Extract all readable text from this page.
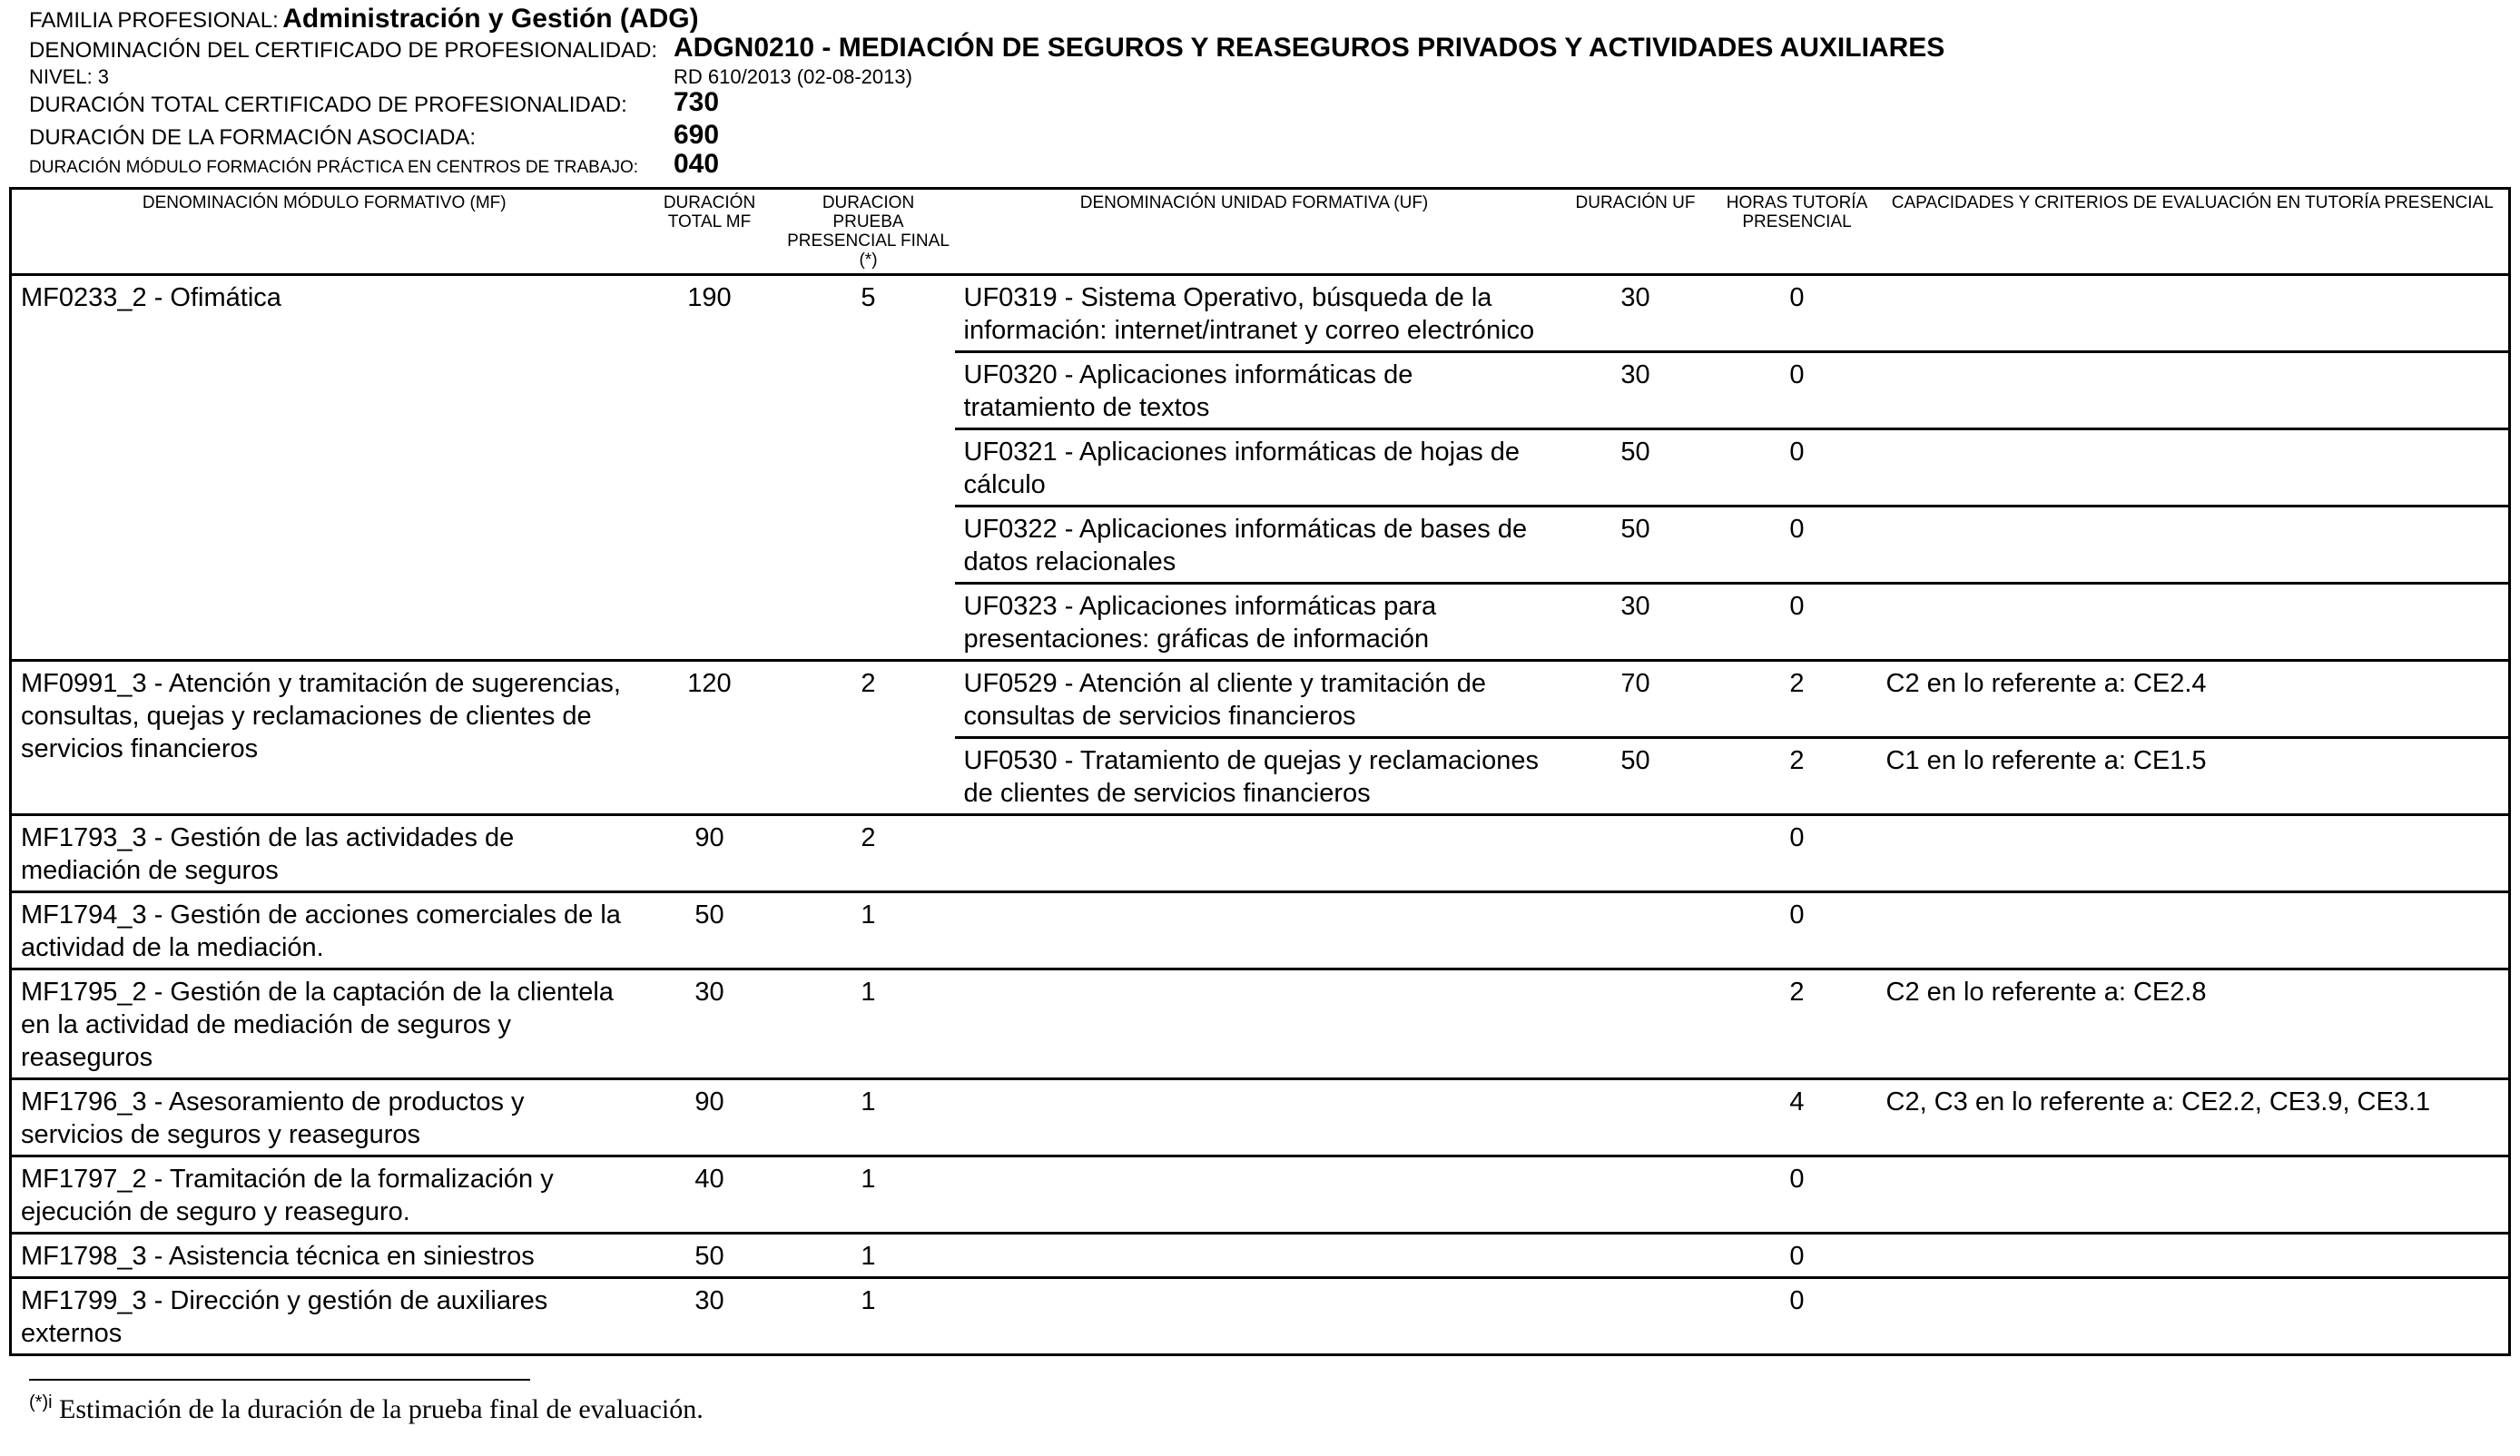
FAMILIA PROFESIONAL: Administración y Gestión (ADG)
DENOMINACIÓN DEL CERTIFICADO DE PROFESIONALIDAD: ADGN0210 - MEDIACIÓN DE SEGUROS Y REASEGUROS PRIVADOS Y ACTIVIDADES AUXILIARES
NIVEL: 3	RD 610/2013 (02-08-2013)
DURACIÓN TOTAL CERTIFICADO DE PROFESIONALIDAD: 730
DURACIÓN DE LA FORMACIÓN ASOCIADA:	690
DURACIÓN MÓDULO FORMACIÓN PRÁCTICA EN CENTROS DE TRABAJO: 040
DENOMINACIÓN MÓDULO FORMATIVO (MF)	DURACIÓN TOTAL MF	DURACION PRUEBA PRESENCIAL FINAL (*)	DENOMINACIÓN UNIDAD FORMATIVA (UF)	DURACIÓN UF	HORAS TUTORÍA PRESENCIAL	CAPACIDADES Y CRITERIOS DE EVALUACIÓN EN TUTORÍA PRESENCIAL
MF0233_2 - Ofimática	190	5	UF0319 - Sistema Operativo, búsqueda de la información: internet/intranet y correo electrónico	30	0	
			UF0320 - Aplicaciones informáticas de tratamiento de textos	30	0	
			UF0321 - Aplicaciones informáticas de hojas de cálculo	50	0	
			UF0322 - Aplicaciones informáticas de bases de datos relacionales	50	0	
			UF0323 - Aplicaciones informáticas para presentaciones: gráficas de información	30	0	
MF0991_3 - Atención y tramitación de sugerencias, consultas, quejas y reclamaciones de clientes de servicios financieros	120	2	UF0529 - Atención al cliente y tramitación de consultas de servicios financieros	70	2	C2 en lo referente a: CE2.4
			UF0530 - Tratamiento de quejas y reclamaciones de clientes de servicios financieros	50	2	C1 en lo referente a: CE1.5
MF1793_3 - Gestión de las actividades de mediación de seguros	90	2			0	
MF1794_3 - Gestión de acciones comerciales de la actividad de la mediación.	50	1			0	
MF1795_2 - Gestión de la captación de la clientela en la actividad de mediación de seguros y reaseguros	30	1			2	C2 en lo referente a: CE2.8
MF1796_3 - Asesoramiento de productos y servicios de seguros y reaseguros	90	1			4	C2, C3 en lo referente a: CE2.2, CE3.9, CE3.1
MF1797_2 - Tramitación de la formalización y ejecución de seguro y reaseguro.	40	1			0	
MF1798_3 - Asistencia técnica en siniestros	50	1			0	
MF1799_3 - Dirección y gestión de auxiliares externos	30	1			0	
$^{(*)i}$ Estimación de la duración de la prueba final de evaluación.
